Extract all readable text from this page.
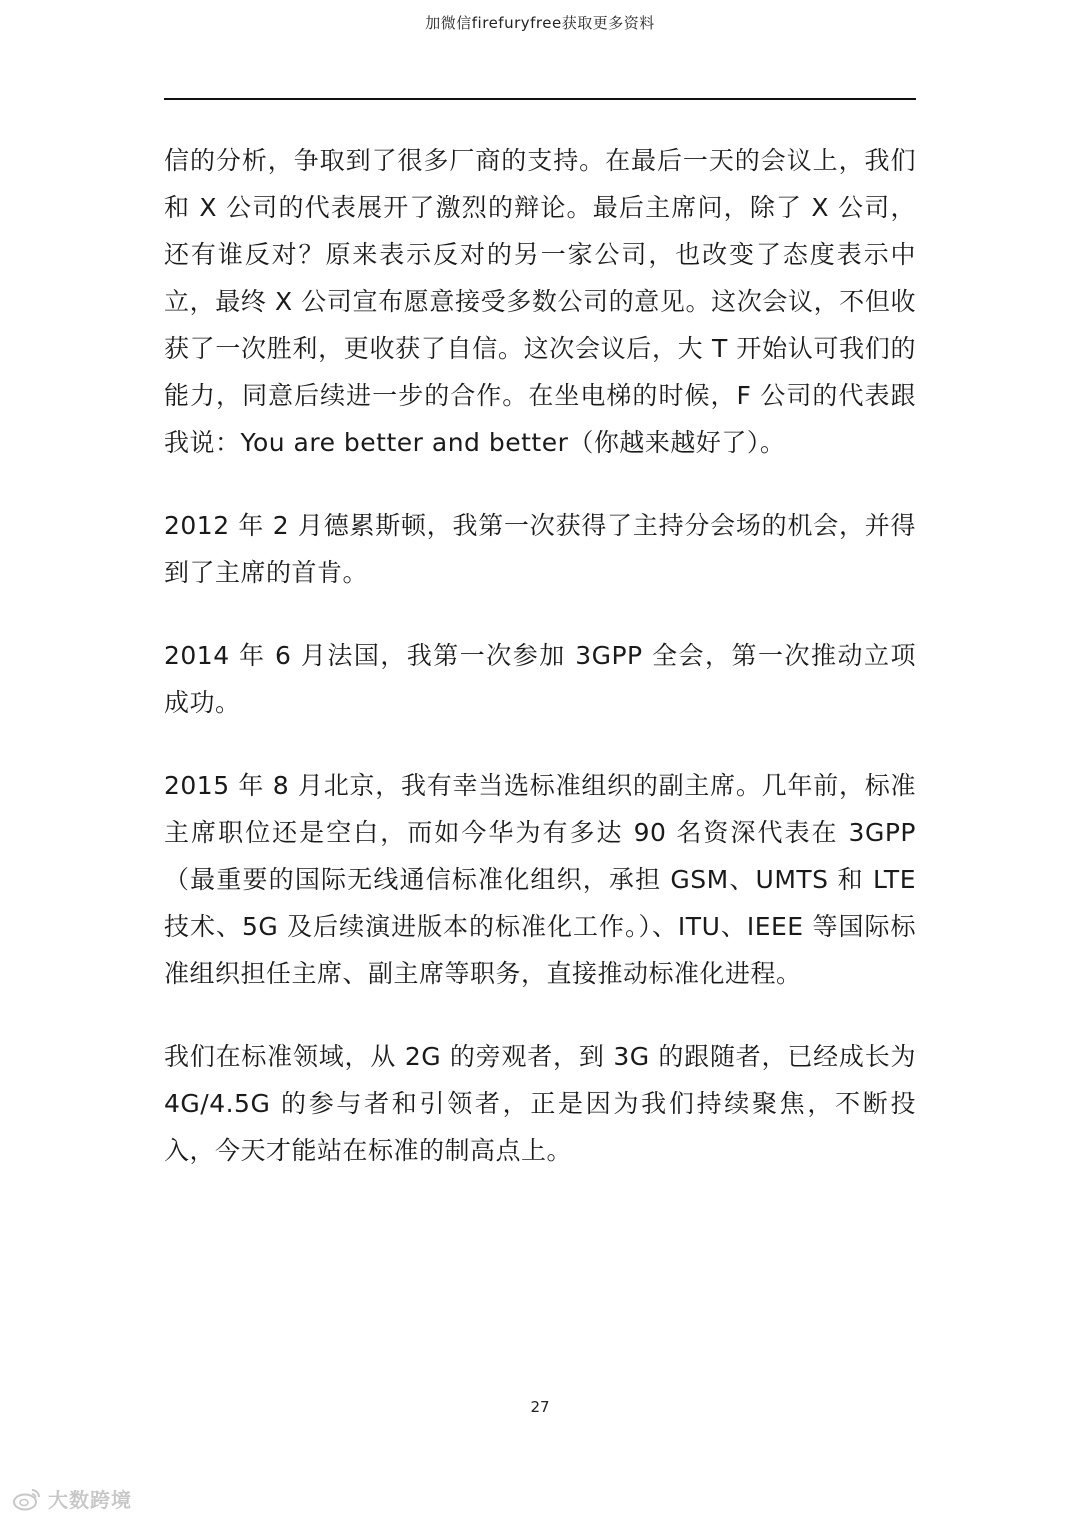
加微信firefuryfree获取更多资料

信的分析，争取到了很多厂商的支持。在最后一天的会议上，我们和 X 公司的代表展开了激烈的辩论。最后主席问，除了 X 公司，还有谁反对？原来表示反对的另一家公司，也改变了态度表示中立，最终 X 公司宣布愿意接受多数公司的意见。这次会议，不但收获了一次胜利，更收获了自信。这次会议后，大 T 开始认可我们的能力，同意后续进一步的合作。在坐电梯的时候，F 公司的代表跟我说：You are better and better（你越来越好了）。

2012 年 2 月德累斯顿，我第一次获得了主持分会场的机会，并得到了主席的首肯。

2014 年 6 月法国，我第一次参加 3GPP 全会，第一次推动立项成功。

2015 年 8 月北京，我有幸当选标准组织的副主席。几年前，标准主席职位还是空白，而如今华为有多达 90 名资深代表在 3GPP（最重要的国际无线通信标准化组织，承担 GSM、UMTS 和 LTE 技术、5G 及后续演进版本的标准化工作。）、ITU、IEEE 等国际标准组织担任主席、副主席等职务，直接推动标准化进程。

我们在标准领域，从 2G 的旁观者，到 3G 的跟随者，已经成长为 4G/4.5G 的参与者和引领者，正是因为我们持续聚焦，不断投入，今天才能站在标准的制高点上。

27
大数跨境
